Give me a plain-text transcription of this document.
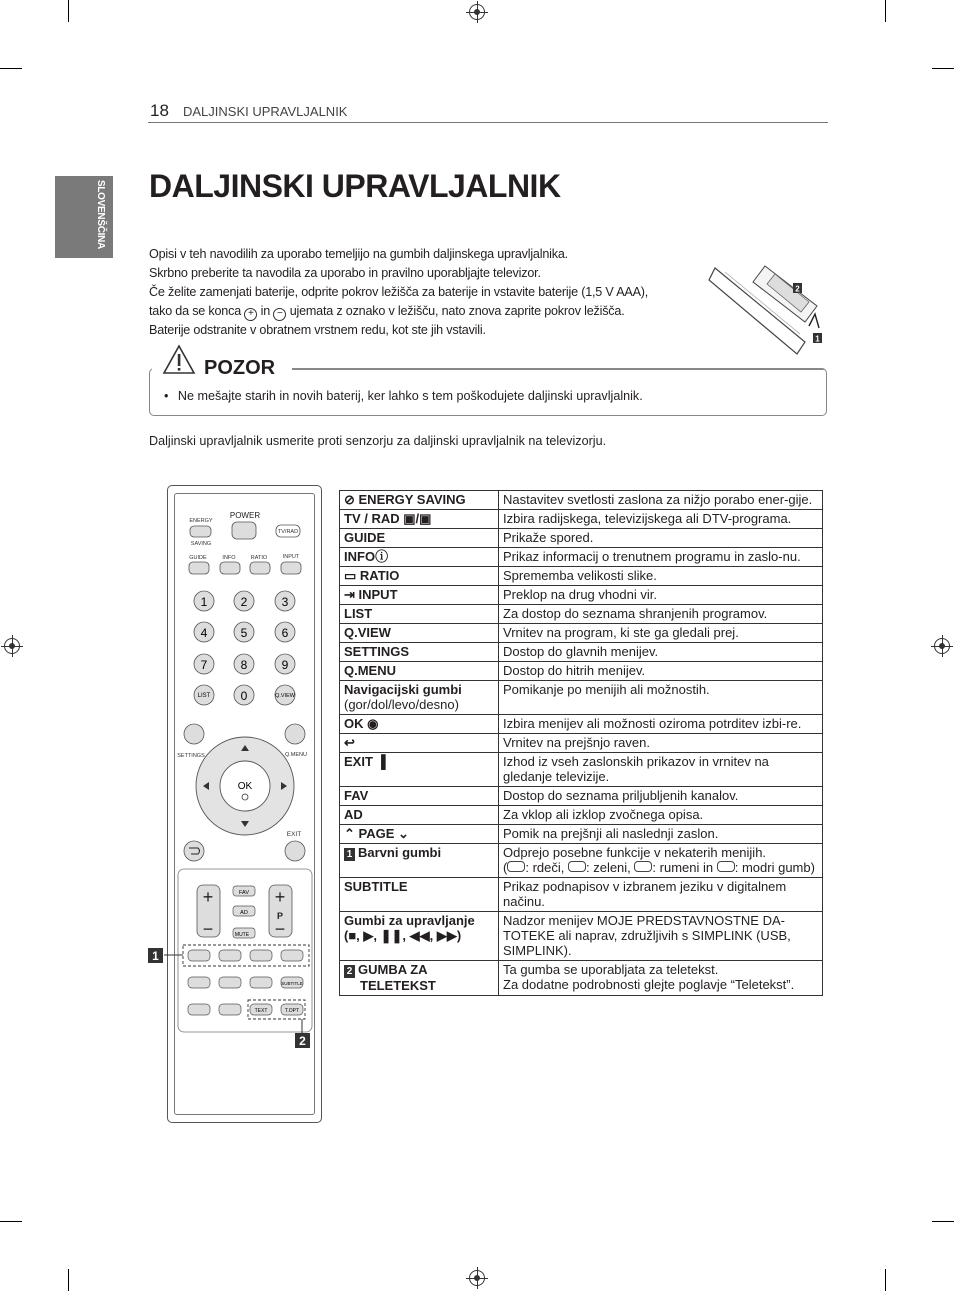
18 DALJINSKI UPRAVLJALNIK
SLOVENŠČINA DALJINSKI UPRAVLJALNIK
Opisi v teh navodilih za uporabo temeljijo na gumbih daljinskega upravljalnika.
Skrbno preberite ta navodila za uporabo in pravilno uporabljajte televizor.
Če želite zamenjati baterije, odprite pokrov ležišča za baterije in vstavite baterije (1,5 V AAA),
tako da se konca + in − ujemata z oznako v ležišču, nato znova zaprite pokrov ležišča.
Baterije odstranite v obratnem vrstnem redu, kot ste jih vstavili.
2
1
POZOR
• Ne mešajte starih in novih baterij, ker lahko s tem poškodujete daljinski upravljalnik.
Daljinski upravljalnik usmerite proti senzorju za daljinski upravljalnik na televizorju.
ENERGY
SAVING
POWER
TV/RAD
GUIDE	INFO	RATIO	INPUT
1	2	3
4	5	6
7	8	9
LIST	0	Q.VIEW
SETTINGS	Q.MENU
OK
EXIT
+
−
+
P
−
FAV
AD
MUTE
SUBTITLE
TEXT	T.OPT
1
2
⊘ ENERGY SAVING	Nastavitev svetlosti zaslona za nižjo porabo ener-gije.
TV / RAD ▣/▣	Izbira radijskega, televizijskega ali DTV-programa.
GUIDE	Prikaže spored.
INFOⓘ	Prikaz informacij o trenutnem programu in zaslo-nu.
▭ RATIO	Sprememba velikosti slike.
⇥ INPUT	Preklop na drug vhodni vir.
LIST	Za dostop do seznama shranjenih programov.
Q.VIEW	Vrnitev na program, ki ste ga gledali prej.
SETTINGS	Dostop do glavnih menijev.
Q.MENU	Dostop do hitrih menijev.
Navigacijski gumbi
(gor/dol/levo/desno)	Pomikanje po menijih ali možnostih.
OK ◉	Izbira menijev ali možnosti oziroma potrditev izbi-re.
↩	Vrnitev na prejšnjo raven.
EXIT ▐	Izhod iz vseh zaslonskih prikazov in vrnitev na gledanje televizije.
FAV	Dostop do seznama priljubljenih kanalov.
AD	Za vklop ali izklop zvočnega opisa.
⌃ PAGE ⌄	Pomik na prejšnji ali naslednji zaslon.
1 Barvni gumbi	Odprejo posebne funkcije v nekaterih menijih.
( : rdeči, : zeleni, : rumeni in : modri gumb)
SUBTITLE	Prikaz podnapisov v izbranem jeziku v digitalnem načinu.
Gumbi za upravljanje
(■, ▶, ❚❚, ◀◀, ▶▶)	Nadzor menijev MOJE PREDSTAVNOSTNE DA-TOTEKE ali naprav, združljivih s SIMPLINK (USB, SIMPLINK).
2 GUMBA ZA
TELETEKST	Ta gumba se uporabljata za teletekst.
Za dodatne podrobnosti glejte poglavje “Teletekst”.
